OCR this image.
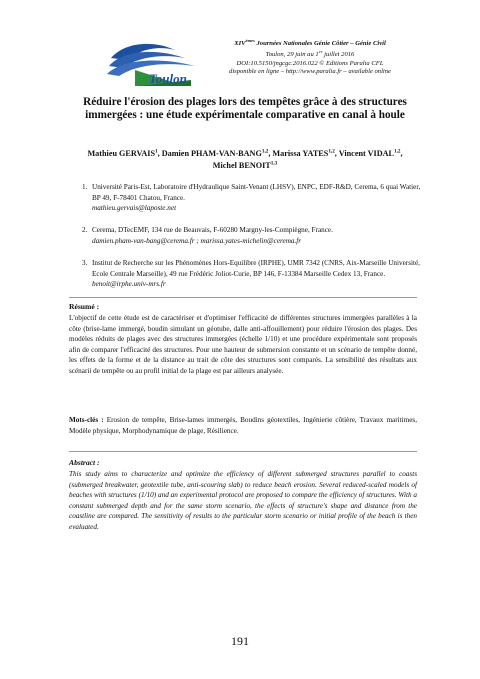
Toulon
XIVèmes Journées Nationales Génie Côtier – Génie Civil
Toulon, 29 juin au 1er juillet 2016
DOI:10.5150/jngcgc.2016.022 © Editions Paralia CFL
disponible en ligne – http://www.paralia.fr – available online
Réduire l'érosion des plages lors des tempêtes grâce à des structures immergées : une étude expérimentale comparative en canal à houle
Mathieu GERVAIS$^1$, Damien PHAM-VAN-BANG$^{1,2}$, Marissa YATES$^{1,2}$, Vincent VIDAL$^{1,2}$, Michel BENOIT$^{1,3}$
1. Université Paris-Est, Laboratoire d'Hydraulique Saint-Venant (LHSV), ENPC, EDF-R&D, Cerema, 6 quai Watier, BP 49, F-78401 Chatou, France.
mathieu.gervais@laposte.net
2. Cerema, DTecEMF, 134 rue de Beauvais, F-60280 Margny-les-Compiègne, France.
damien.pham-van-bang@cerema.fr ; marissa.yates-michelin@cerema.fr
3. Institut de Recherche sur les Phénomènes Hors-Equilibre (IRPHE), UMR 7342 (CNRS, Aix-Marseille Université, Ecole Centrale Marseille), 49 rue Frédéric Joliot-Curie, BP 146, F-13384 Marseille Cedex 13, France. benoit@irphe.univ-mrs.fr
Résumé :
L'objectif de cette étude est de caractériser et d'optimiser l'efficacité de différentes structures immergées parallèles à la côte (brise-lame immergé, boudin simulant un géotube, dalle anti-affouillement) pour réduire l'érosion des plages. Des modèles réduits de plages avec des structures immergées (échelle 1/10) et une procédure expérimentale sont proposés afin de comparer l'efficacité des structures. Pour une hauteur de submersion constante et un scénario de tempête donné, les effets de la forme et de la distance au trait de côte des structures sont comparés. La sensibilité des résultats aux scénarii de tempête ou au profil initial de la plage est par ailleurs analysée.
Mots-clés : Erosion de tempête, Brise-lames immergés, Boudins géotextiles, Ingénierie côtière, Travaux maritimes, Modèle physique, Morphodynamique de plage, Résilience.
Abstract :
This study aims to characterize and optimize the efficiency of different submerged structures parallel to coasts (submerged breakwater, geotextile tube, anti-scouring slab) to reduce beach erosion. Several reduced-scaled models of beaches with structures (1/10) and an experimental protocol are proposed to compare the efficiency of structures. With a constant submerged depth and for the same storm scenario, the effects of structure's shape and distance from the coastline are compared. The sensitivity of results to the particular storm scenario or initial profile of the beach is then evaluated.
191
